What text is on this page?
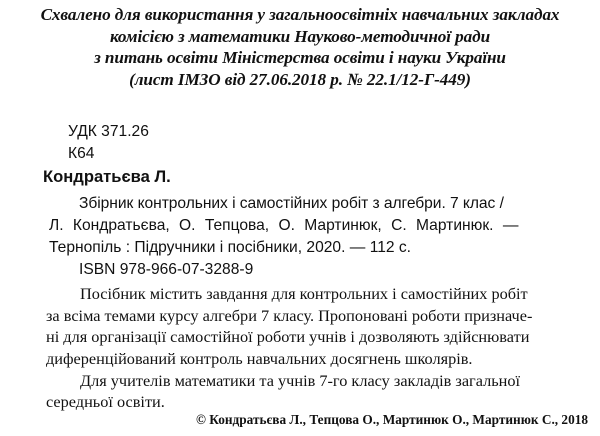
Схвалено для використання у загальноосвітніх навчальних закладах
комісією з математики Науково-методичної ради
з питань освіти Міністерства освіти і науки України
(лист ІМЗО від 27.06.2018 р. № 22.1/12-Г-449)
УДК 371.26
К64
Кондратьєва Л.
Збірник контрольних і самостійних робіт з алгебри. 7 клас /
Л. Кондратьєва, О. Тепцова, О. Мартинюк, С. Мартинюк. —
Тернопіль : Підручники і посібники, 2020. — 112 с.
ISBN 978-966-07-3288-9
Посібник містить завдання для контрольних і самостійних робіт
за всіма темами курсу алгебри 7 класу. Пропоновані роботи призначе-
ні для організації самостійної роботи учнів і дозволяють здійснювати
диференційований контроль навчальних досягнень школярів.
Для учителів математики та учнів 7-го класу закладів загальної
середньої освіти.
© Кондратьєва Л., Тепцова О., Мартинюк О., Мартинюк С., 2018
